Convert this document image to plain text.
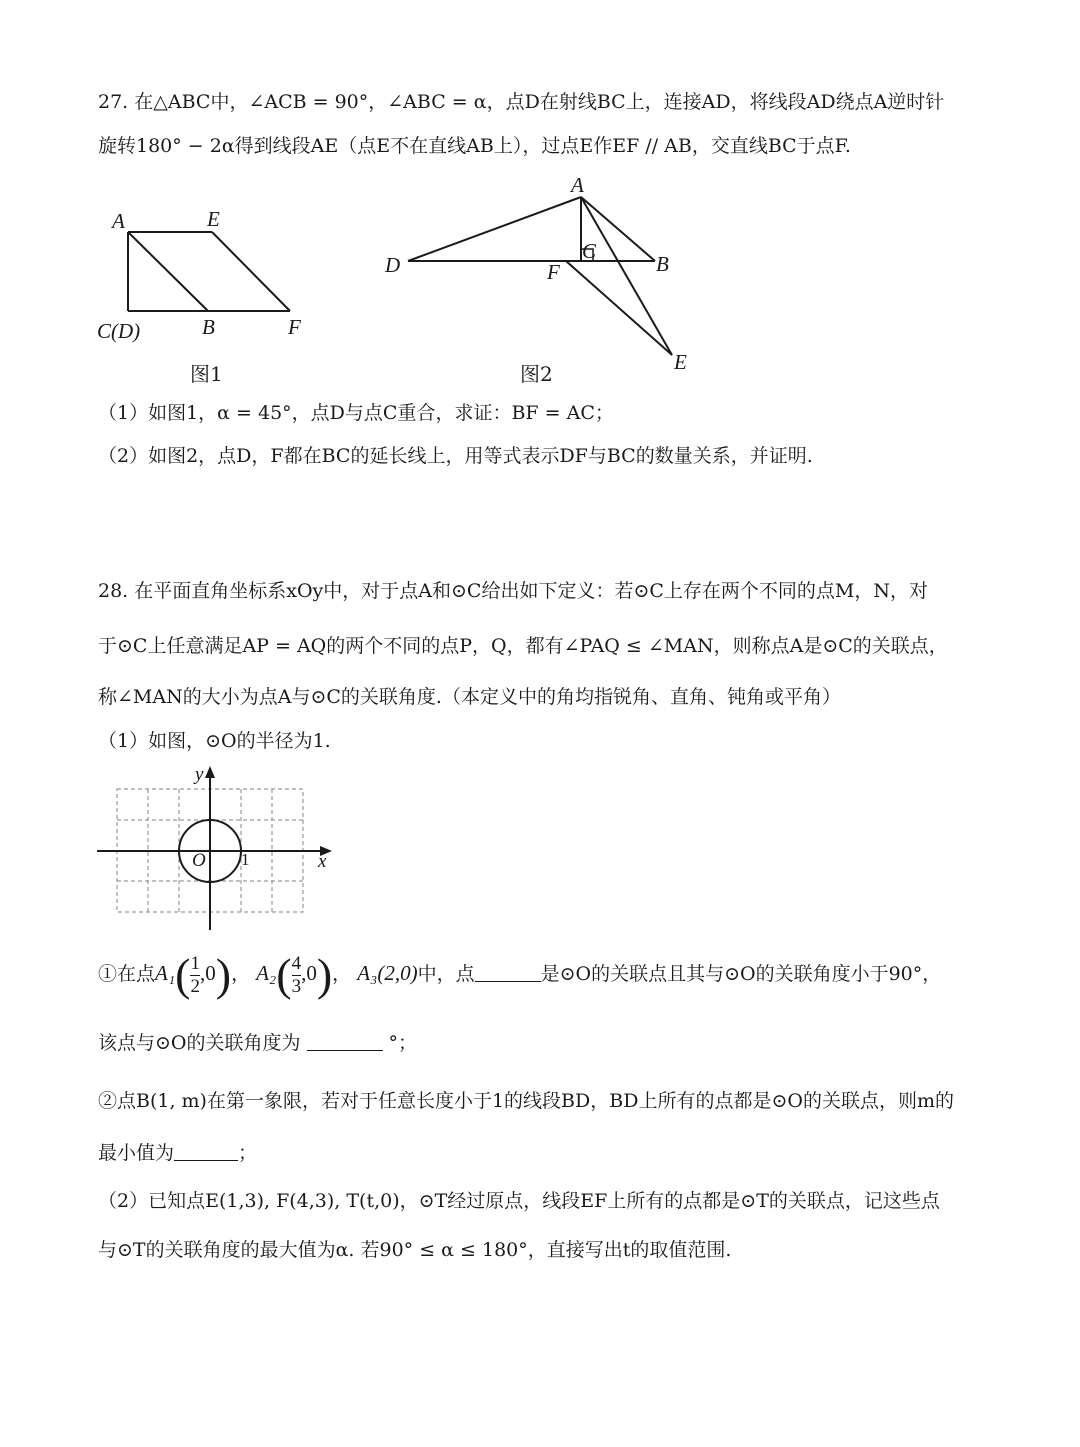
27. 在△ABC中，∠ACB = 90°，∠ABC = α，点D在射线BC上，连接AD，将线段AD绕点A逆时针
旋转180° − 2α得到线段AE（点E不在直线AB上），过点E作EF // AB，交直线BC于点F.
A	E
C(D)	B	F
图1
A
C
D	F	B
E
图2
（1）如图1，α = 45°，点D与点C重合，求证：BF = AC；
（2）如图2，点D，F都在BC的延长线上，用等式表示DF与BC的数量关系，并证明.
28. 在平面直角坐标系xOy中，对于点A和⊙C给出如下定义：若⊙C上存在两个不同的点M，N，对
于⊙C上任意满足AP = AQ的两个不同的点P，Q，都有∠PAQ ≤ ∠MAN，则称点A是⊙C的关联点，
称∠MAN的大小为点A与⊙C的关联角度.（本定义中的角均指锐角、直角、钝角或平角）
（1）如图，⊙O的半径为1.
y
x
O 1
①在点$A_1( \frac{1}{2} ,0)$， $A_2( \frac{4}{3} ,0)$， A₃(2,0)中，点	是⊙O的关联点且其与⊙O的关联角度小于90°，
该点与⊙O的关联角度为	°；
②点B(1, m)在第一象限，若对于任意长度小于1的线段BD，BD上所有的点都是⊙O的关联点，则m的
最小值为	；
（2）已知点E(1,3), F(4,3), T(t,0)，⊙T经过原点，线段EF上所有的点都是⊙T的关联点，记这些点
与⊙T的关联角度的最大值为α. 若90° ≤ α ≤ 180°，直接写出t的取值范围.
